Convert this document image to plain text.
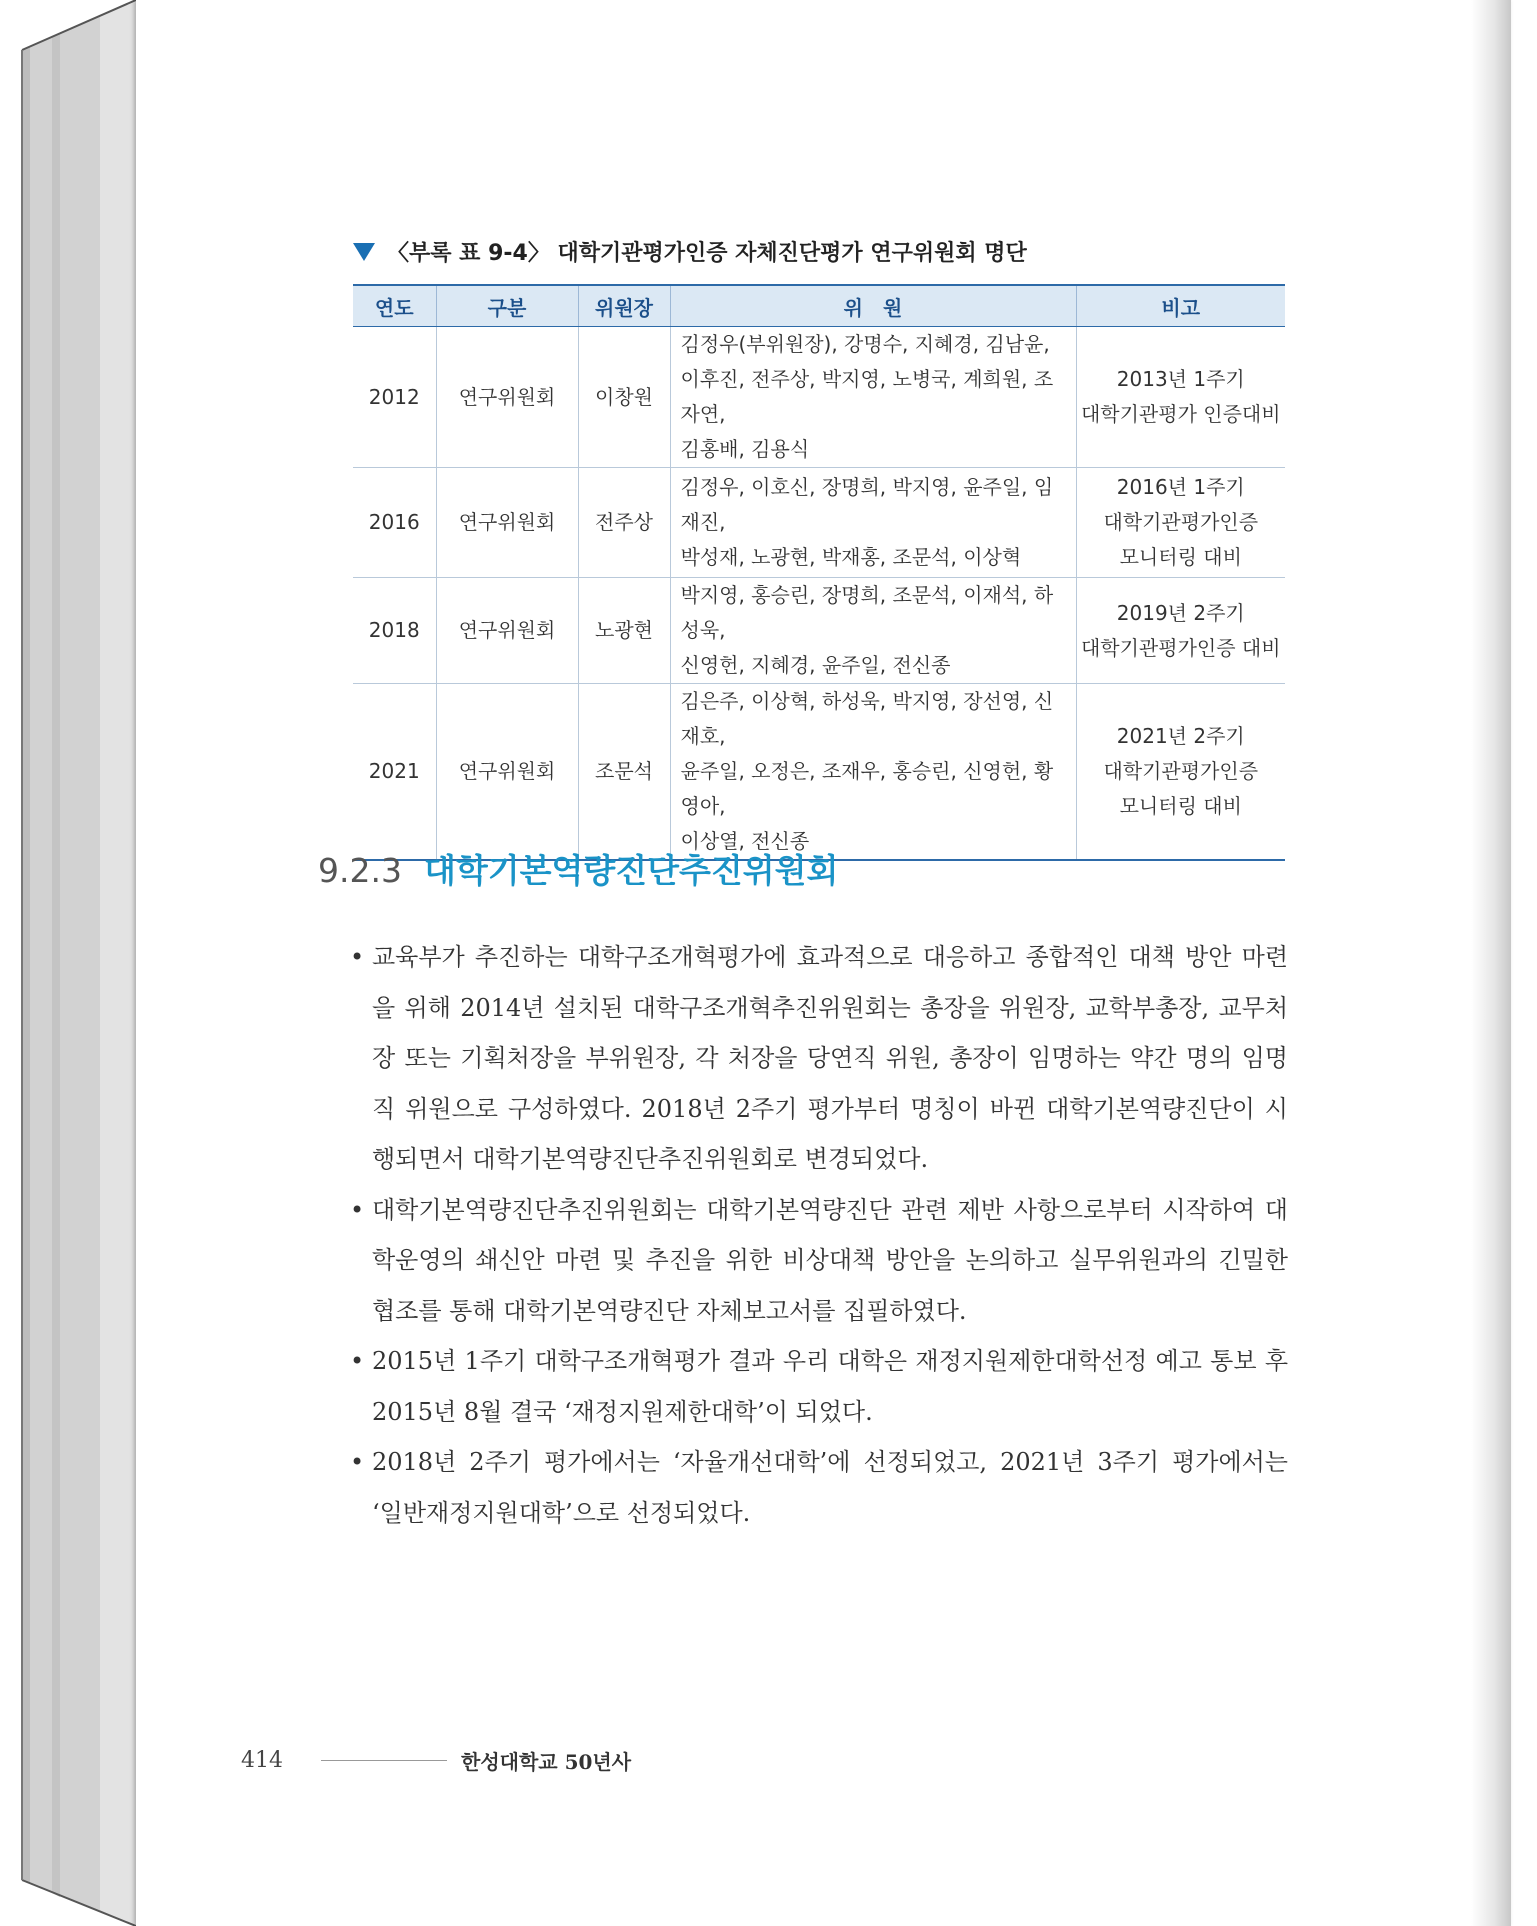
〈부록 표 9-4〉 대학기관평가인증 자체진단평가 연구위원회 명단
연도	구분	위원장	위　원	비고
2012	연구위원회	이창원	김정우(부위원장), 강명수, 지혜경, 김남윤,
이후진, 전주상, 박지영, 노병국, 계희원, 조자연,
김홍배, 김용식	2013년 1주기
대학기관평가 인증대비

2016	연구위원회	전주상	김정우, 이호신, 장명희, 박지영, 윤주일, 임재진,
박성재, 노광현, 박재홍, 조문석, 이상혁	2016년 1주기
대학기관평가인증
모니터링 대비

2018	연구위원회	노광현	박지영, 홍승린, 장명희, 조문석, 이재석, 하성욱,
신영헌, 지혜경, 윤주일, 전신종	2019년 2주기
대학기관평가인증 대비

2021	연구위원회	조문석	김은주, 이상혁, 하성욱, 박지영, 장선영, 신재호,
윤주일, 오정은, 조재우, 홍승린, 신영헌, 황영아,
이상열, 전신종	2021년 2주기
대학기관평가인증
모니터링 대비
9.2.3 대학기본역량진단추진위원회
• 교육부가 추진하는 대학구조개혁평가에 효과적으로 대응하고 종합적인 대책 방안 마련을 위해 2014년 설치된 대학구조개혁추진위원회는 총장을 위원장, 교학부총장, 교무처장 또는 기획처장을 부위원장, 각 처장을 당연직 위원, 총장이 임명하는 약간 명의 임명직 위원으로 구성하였다. 2018년 2주기 평가부터 명칭이 바뀐 대학기본역량진단이 시행되면서 대학기본역량진단추진위원회로 변경되었다.
• 대학기본역량진단추진위원회는 대학기본역량진단 관련 제반 사항으로부터 시작하여 대학운영의 쇄신안 마련 및 추진을 위한 비상대책 방안을 논의하고 실무위원과의 긴밀한 협조를 통해 대학기본역량진단 자체보고서를 집필하였다.
• 2015년 1주기 대학구조개혁평가 결과 우리 대학은 재정지원제한대학선정 예고 통보 후 2015년 8월 결국 ‘재정지원제한대학’이 되었다.
• 2018년 2주기 평가에서는 ‘자율개선대학’에 선정되었고, 2021년 3주기 평가에서는 ‘일반재정지원대학’으로 선정되었다.
414	한성대학교 50년사
